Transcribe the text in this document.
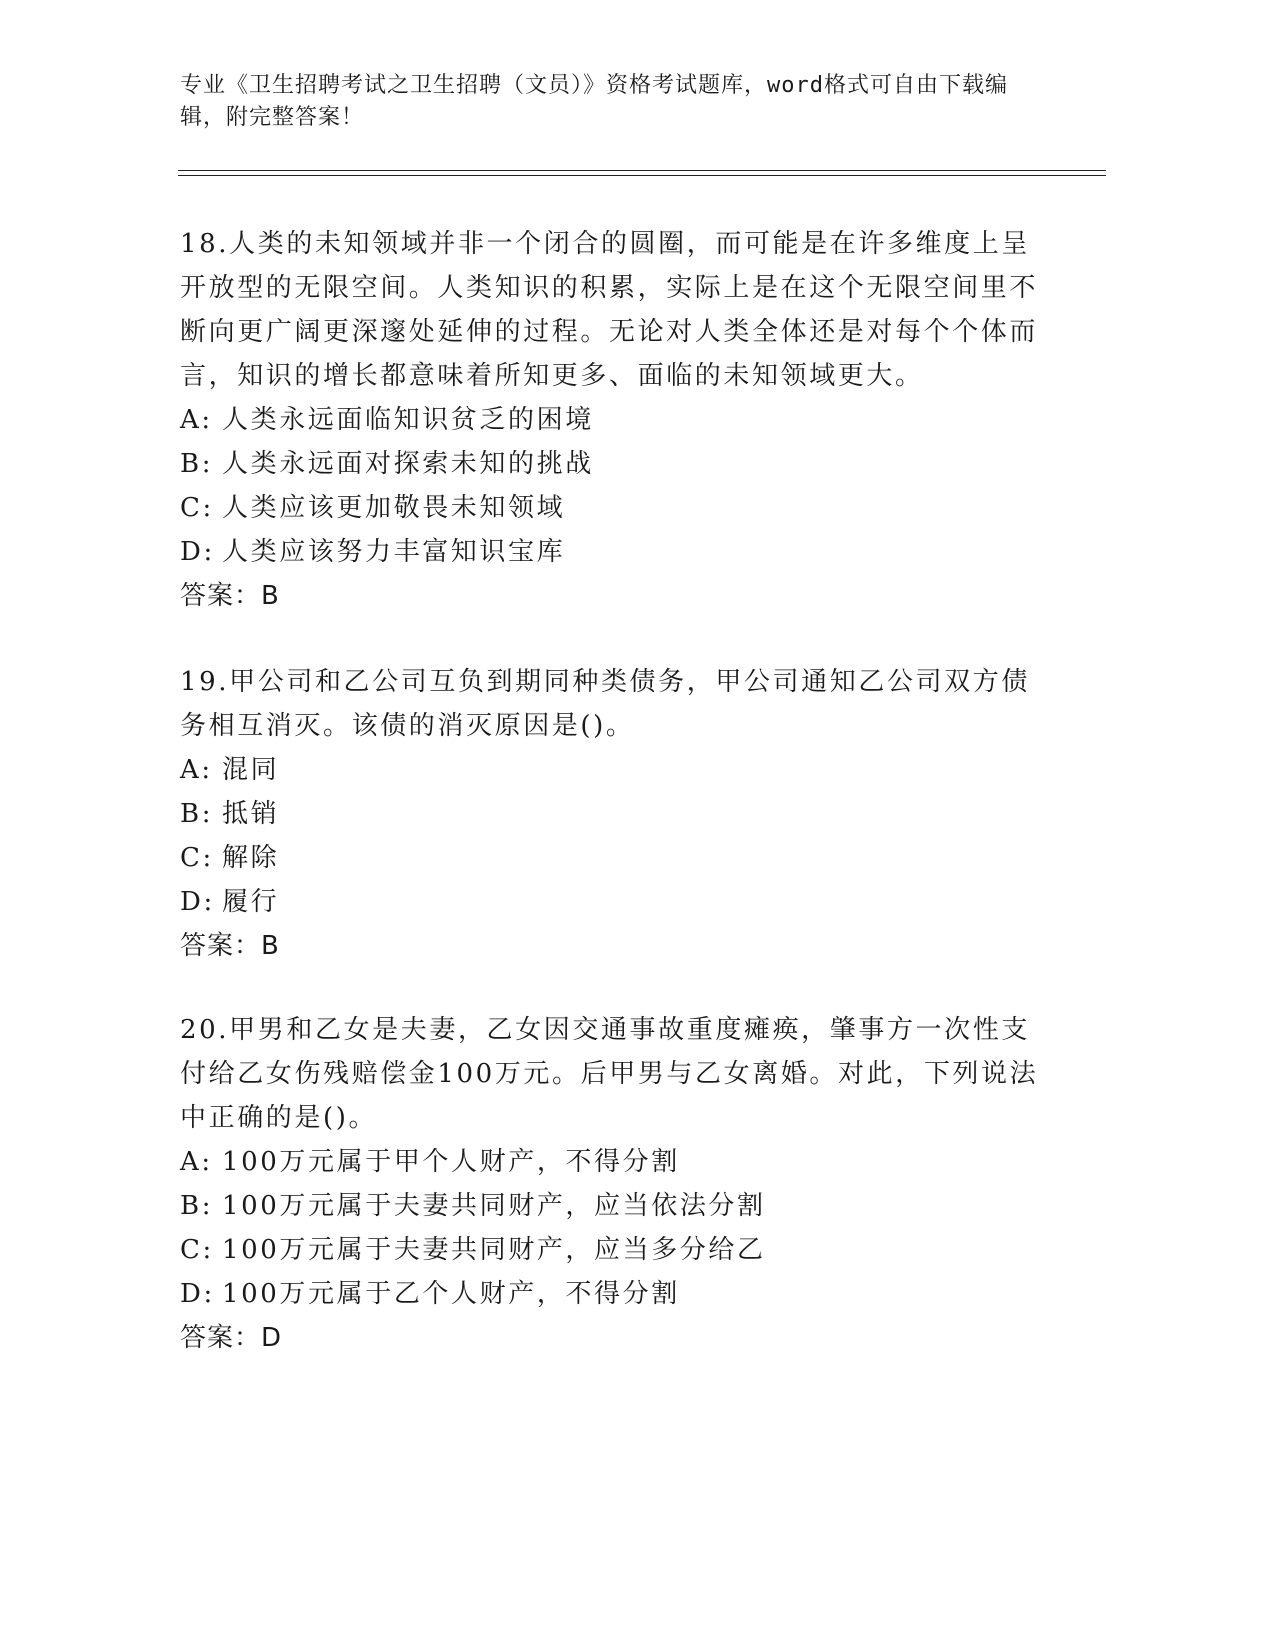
专业《卫生招聘考试之卫生招聘（文员）》资格考试题库，word格式可自由下载编辑，附完整答案！

18.人类的未知领域并非一个闭合的圆圈，而可能是在许多维度上呈开放型的无限空间。人类知识的积累，实际上是在这个无限空间里不断向更广阔更深邃处延伸的过程。无论对人类全体还是对每个个体而言，知识的增长都意味着所知更多、面临的未知领域更大。

A: 人类永远面临知识贫乏的困境

B: 人类永远面对探索未知的挑战

C: 人类应该更加敬畏未知领域

D: 人类应该努力丰富知识宝库

答案：B

19.甲公司和乙公司互负到期同种类债务，甲公司通知乙公司双方债务相互消灭。该债的消灭原因是()。

A: 混同

B: 抵销

C: 解除

D: 履行

答案：B

20.甲男和乙女是夫妻，乙女因交通事故重度瘫痪，肇事方一次性支付给乙女伤残赔偿金100万元。后甲男与乙女离婚。对此，下列说法中正确的是()。

A: 100万元属于甲个人财产，不得分割

B: 100万元属于夫妻共同财产，应当依法分割

C: 100万元属于夫妻共同财产，应当多分给乙

D: 100万元属于乙个人财产，不得分割

答案：D
